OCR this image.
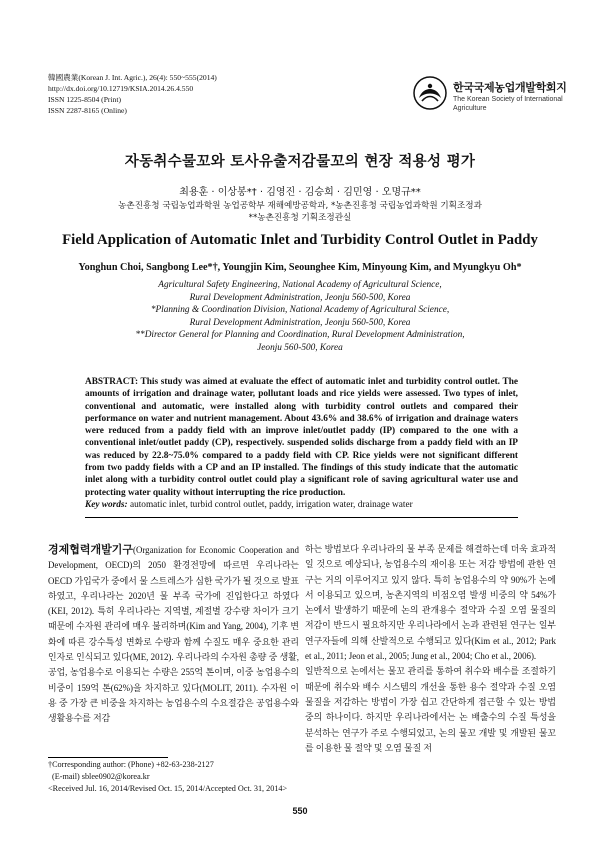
韓國農業(Korean J. Int. Agric.), 26(4): 550~555(2014)
http://dx.doi.org/10.12719/KSIA.2014.26.4.550
ISSN 1225-8504 (Print)
ISSN 2287-8165 (Online)
한국국제농업개발학회지
The Korean Society of International
Agriculture
자동취수물꼬와 토사유출저감물꼬의 현장 적용성 평가
최용훈 · 이상봉*† · 김영진 · 김승희 · 김민영 · 오명규**
농촌진흥청 국립농업과학원 농업공학부 재해예방공학과, *농촌진흥청 국립농업과학원 기획조정과
**농촌진흥청 기획조정관실
Field Application of Automatic Inlet and Turbidity Control Outlet in Paddy
Yonghun Choi, Sangbong Lee*†, Youngjin Kim, Seounghee Kim, Minyoung Kim, and Myungkyu Oh*
Agricultural Safety Engineering, National Academy of Agricultural Science,
Rural Development Administration, Jeonju 560-500, Korea
*Planning & Coordination Division, National Academy of Agricultural Science,
Rural Development Administration, Jeonju 560-500, Korea
**Director General for Planning and Coordination, Rural Development Administration,
Jeonju 560-500, Korea
ABSTRACT: This study was aimed at evaluate the effect of automatic inlet and turbidity control outlet. The amounts of irrigation and drainage water, pollutant loads and rice yields were assessed. Two types of inlet, conventional and automatic, were installed along with turbidity control outlets and compared their performance on water and nutrient management. About 43.6% and 38.6% of irrigation and drainage waters were reduced from a paddy field with an improve inlet/outlet paddy (IP) compared to the one with a conventional inlet/outlet paddy (CP), respectively. suspended solids discharge from a paddy field with an IP was reduced by 22.8~75.0% compared to a paddy field with CP. Rice yields were not significant different from two paddy fields with a CP and an IP installed. The findings of this study indicate that the automatic inlet along with a turbidity control outlet could play a significant role of saving agricultural water use and protecting water quality without interrupting the rice production.
Key words: automatic inlet, turbid control outlet, paddy, irrigation water, drainage water
경제협력개발기구(Organization for Economic Cooperation and Development, OECD)의 2050 환경전망에 따르면 우리나라는 OECD 가입국가 중에서 물 스트레스가 심한 국가가 될 것으로 발표하였고, 우리나라는 2020년 물 부족 국가에 진입한다고 하였다(KEI, 2012). 특히 우리나라는 지역별, 계절별 강수량 차이가 크기 때문에 수자원 관리에 매우 불리하며(Kim and Yang, 2004), 기후 변화에 따른 강수특성 변화로 수량과 함께 수질도 매우 중요한 관리인자로 인식되고 있다(ME, 2012). 우리나라의 수자원 총량 중 생활, 공업, 농업용수로 이용되는 수량은 255억 톤이며, 이중 농업용수의 비중이 159억 톤(62%)을 차지하고 있다(MOLIT, 2011). 수자원 이용 중 가장 큰 비중을 차지하는 농업용수의 수요절감은 공업용수와 생활용수를 저감
하는 방법보다 우리나라의 물 부족 문제를 해결하는데 더욱 효과적일 것으로 예상되나, 농업용수의 재이용 또는 저감 방법에 관한 연구는 거의 이루어지고 있지 않다. 특히 농업용수의 약 90%가 논에서 이용되고 있으며, 농촌지역의 비점오염 발생 비중의 약 54%가 논에서 발생하기 때문에 논의 관개용수 절약과 수질 오염 물질의 저감이 반드시 필요하지만 우리나라에서 논과 관련된 연구는 일부 연구자들에 의해 산발적으로 수행되고 있다(Kim et al., 2012; Park et al., 2011; Jeon et al., 2005; Jung et al., 2004; Cho et al., 2006).
일반적으로 논에서는 물꼬 관리를 통하여 취수와 배수를 조절하기 때문에 취수와 배수 시스템의 개선을 통한 용수 절약과 수질 오염 물질을 저감하는 방법이 가장 쉽고 간단하게 접근할 수 있는 방법 중의 하나이다. 하지만 우리나라에서는 논 배출수의 수질 특성을 분석하는 연구가 주로 수행되었고, 논의 물꼬 개발 및 개발된 물꼬를 이용한 물 절약 및 오염 물질 저
†Corresponding author: (Phone) +82-63-238-2127
(E-mail) sblee0902@korea.kr
<Received Jul. 16, 2014/Revised Oct. 15, 2014/Accepted Oct. 31, 2014>
550
